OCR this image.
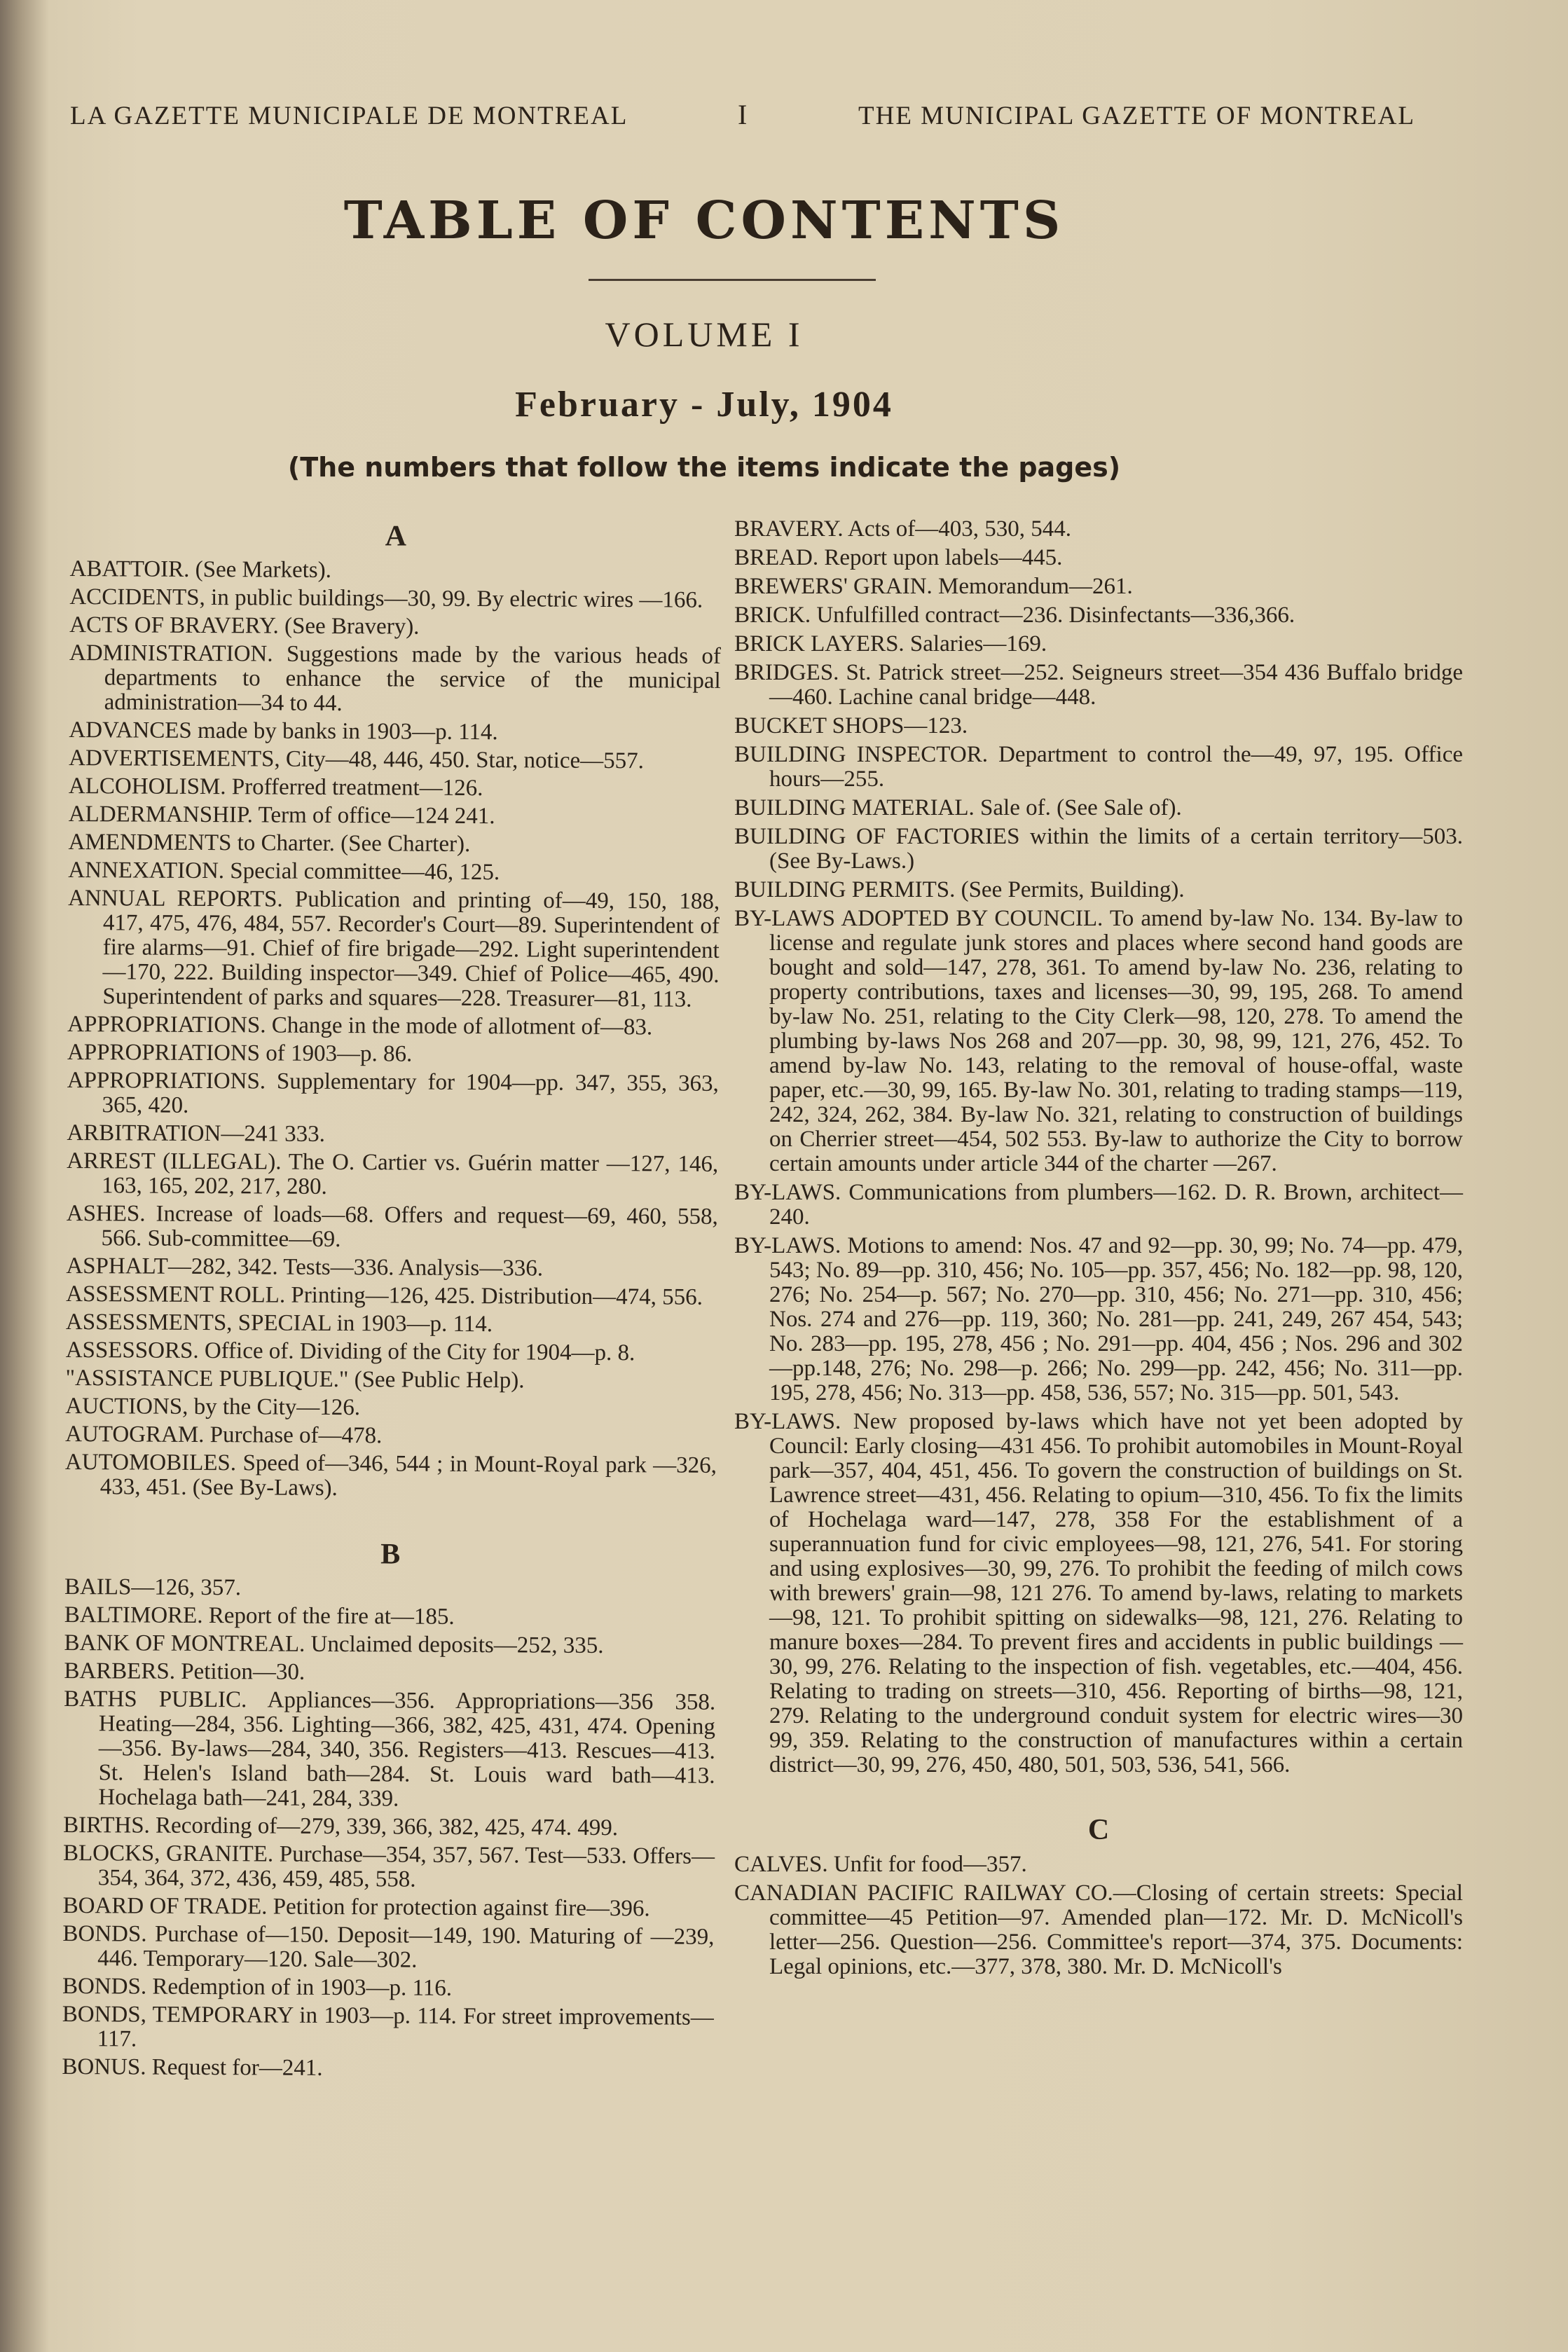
LA GAZETTE MUNICIPALE DE MONTREAL	I	THE MUNICIPAL GAZETTE OF MONTREAL
TABLE OF CONTENTS
VOLUME I
February - July, 1904
(The numbers that follow the items indicate the pages)
A
ABATTOIR. (See Markets).
ACCIDENTS, in public buildings—30, 99. By electric wires —166.
ACTS OF BRAVERY. (See Bravery).
ADMINISTRATION. Suggestions made by the various heads of departments to enhance the service of the municipal administration—34 to 44.
ADVANCES made by banks in 1903—p. 114.
ADVERTISEMENTS, City—48, 446, 450. Star, notice—557.
ALCOHOLISM. Profferred treatment—126.
ALDERMANSHIP. Term of office—124 241.
AMENDMENTS to Charter. (See Charter).
ANNEXATION. Special committee—46, 125.
ANNUAL REPORTS. Publication and printing of—49, 150, 188, 417, 475, 476, 484, 557. Recorder's Court—89. Superintendent of fire alarms—91. Chief of fire brigade—292. Light superintendent—170, 222. Building inspector—349. Chief of Police—465, 490. Superintendent of parks and squares—228. Treasurer—81, 113.
APPROPRIATIONS. Change in the mode of allotment of—83.
APPROPRIATIONS of 1903—p. 86.
APPROPRIATIONS. Supplementary for 1904—pp. 347, 355, 363, 365, 420.
ARBITRATION—241 333.
ARREST (ILLEGAL). The O. Cartier vs. Guérin matter —127, 146, 163, 165, 202, 217, 280.
ASHES. Increase of loads—68. Offers and request—69, 460, 558, 566. Sub-committee—69.
ASPHALT—282, 342. Tests—336. Analysis—336.
ASSESSMENT ROLL. Printing—126, 425. Distribution—474, 556.
ASSESSMENTS, SPECIAL in 1903—p. 114.
ASSESSORS. Office of. Dividing of the City for 1904—p. 8.
"ASSISTANCE PUBLIQUE." (See Public Help).
AUCTIONS, by the City—126.
AUTOGRAM. Purchase of—478.
AUTOMOBILES. Speed of—346, 544 ; in Mount-Royal park —326, 433, 451. (See By-Laws).
B
BAILS—126, 357.
BALTIMORE. Report of the fire at—185.
BANK OF MONTREAL. Unclaimed deposits—252, 335.
BARBERS. Petition—30.
BATHS PUBLIC. Appliances—356. Appropriations—356 358. Heating—284, 356. Lighting—366, 382, 425, 431, 474. Opening—356. By-laws—284, 340, 356. Registers—413. Rescues—413. St. Helen's Island bath—284. St. Louis ward bath—413. Hochelaga bath—241, 284, 339.
BIRTHS. Recording of—279, 339, 366, 382, 425, 474. 499.
BLOCKS, GRANITE. Purchase—354, 357, 567. Test—533. Offers—354, 364, 372, 436, 459, 485, 558.
BOARD OF TRADE. Petition for protection against fire—396.
BONDS. Purchase of—150. Deposit—149, 190. Maturing of —239, 446. Temporary—120. Sale—302.
BONDS. Redemption of in 1903—p. 116.
BONDS, TEMPORARY in 1903—p. 114. For street improvements—117.
BONUS. Request for—241.
BRAVERY. Acts of—403, 530, 544.
BREAD. Report upon labels—445.
BREWERS' GRAIN. Memorandum—261.
BRICK. Unfulfilled contract—236. Disinfectants—336,366.
BRICK LAYERS. Salaries—169.
BRIDGES. St. Patrick street—252. Seigneurs street—354 436 Buffalo bridge—460. Lachine canal bridge—448.
BUCKET SHOPS—123.
BUILDING INSPECTOR. Department to control the—49, 97, 195. Office hours—255.
BUILDING MATERIAL. Sale of. (See Sale of).
BUILDING OF FACTORIES within the limits of a certain territory—503. (See By-Laws.)
BUILDING PERMITS. (See Permits, Building).
BY-LAWS ADOPTED BY COUNCIL. To amend by-law No. 134. By-law to license and regulate junk stores and places where second hand goods are bought and sold—147, 278, 361. To amend by-law No. 236, relating to property contributions, taxes and licenses—30, 99, 195, 268. To amend by-law No. 251, relating to the City Clerk—98, 120, 278. To amend the plumbing by-laws Nos 268 and 207—pp. 30, 98, 99, 121, 276, 452. To amend by-law No. 143, relating to the removal of house-offal, waste paper, etc.—30, 99, 165. By-law No. 301, relating to trading stamps—119, 242, 324, 262, 384. By-law No. 321, relating to construction of buildings on Cherrier street—454, 502 553. By-law to authorize the City to borrow certain amounts under article 344 of the charter —267.
BY-LAWS. Communications from plumbers—162. D. R. Brown, architect—240.
BY-LAWS. Motions to amend: Nos. 47 and 92—pp. 30, 99; No. 74—pp. 479, 543; No. 89—pp. 310, 456; No. 105—pp. 357, 456; No. 182—pp. 98, 120, 276; No. 254—p. 567; No. 270—pp. 310, 456; No. 271—pp. 310, 456; Nos. 274 and 276—pp. 119, 360; No. 281—pp. 241, 249, 267 454, 543; No. 283—pp. 195, 278, 456 ; No. 291—pp. 404, 456 ; Nos. 296 and 302—pp.148, 276; No. 298—p. 266; No. 299—pp. 242, 456; No. 311—pp. 195, 278, 456; No. 313—pp. 458, 536, 557; No. 315—pp. 501, 543.
BY-LAWS. New proposed by-laws which have not yet been adopted by Council: Early closing—431 456. To prohibit automobiles in Mount-Royal park—357, 404, 451, 456. To govern the construction of buildings on St. Lawrence street—431, 456. Relating to opium—310, 456. To fix the limits of Hochelaga ward—147, 278, 358 For the establishment of a superannuation fund for civic employees—98, 121, 276, 541. For storing and using explosives—30, 99, 276. To prohibit the feeding of milch cows with brewers' grain—98, 121 276. To amend by-laws, relating to markets—98, 121. To prohibit spitting on sidewalks—98, 121, 276. Relating to manure boxes—284. To prevent fires and accidents in public buildings —30, 99, 276. Relating to the inspection of fish. vegetables, etc.—404, 456. Relating to trading on streets—310, 456. Reporting of births—98, 121, 279. Relating to the underground conduit system for electric wires—30 99, 359. Relating to the construction of manufactures within a certain district—30, 99, 276, 450, 480, 501, 503, 536, 541, 566.
C
CALVES. Unfit for food—357.
CANADIAN PACIFIC RAILWAY CO.—Closing of certain streets: Special committee—45 Petition—97. Amended plan—172. Mr. D. McNicoll's letter—256. Question—256. Committee's report—374, 375. Documents: Legal opinions, etc.—377, 378, 380. Mr. D. McNicoll's
